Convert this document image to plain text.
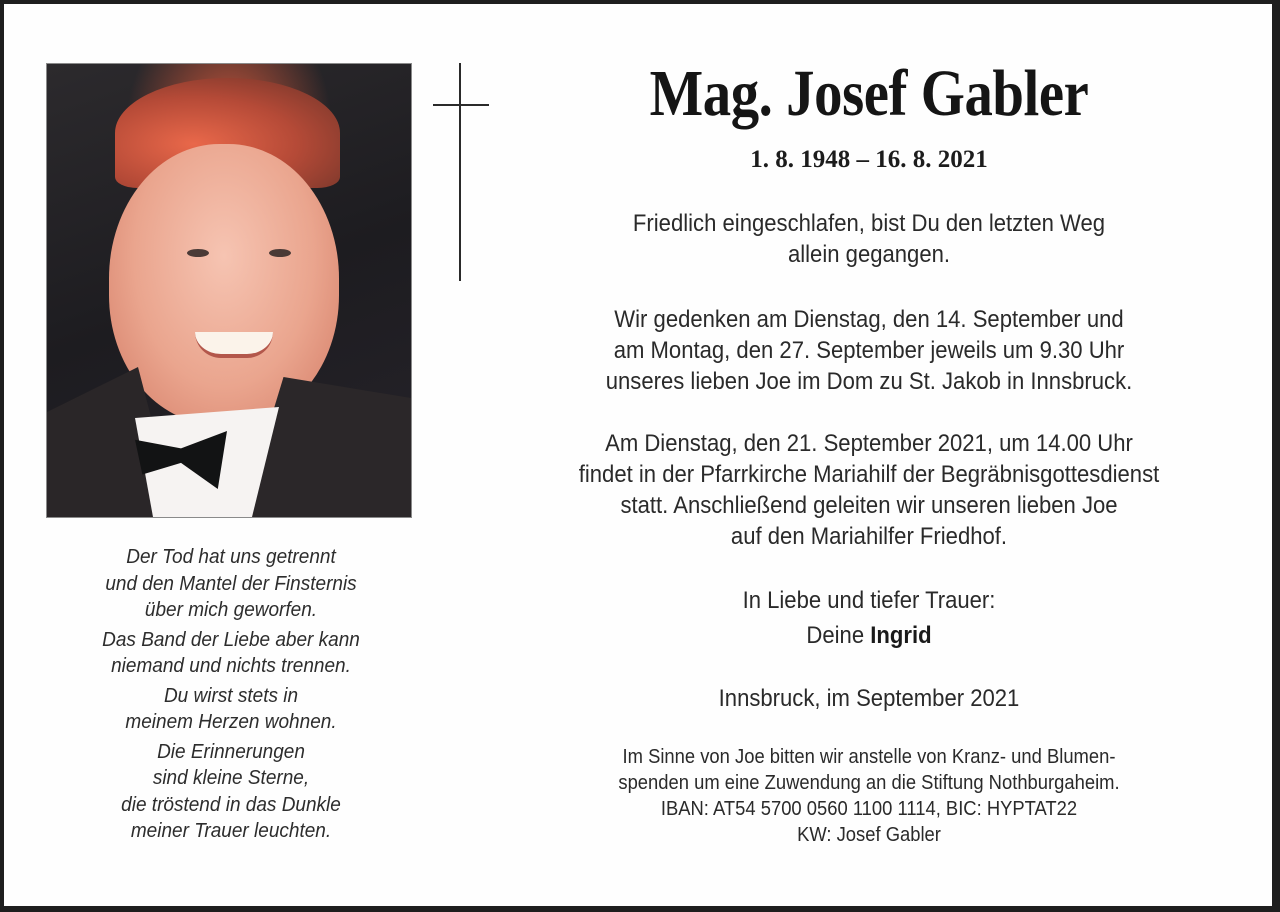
Mag. Josef Gabler
1. 8. 1948 – 16. 8. 2021

Friedlich eingeschlafen, bist Du den letzten Weg

allein gegangen.

Wir gedenken am Dienstag, den 14. September und

am Montag, den 27. September jeweils um 9.30 Uhr

unseres lieben Joe im Dom zu St. Jakob in Innsbruck.

Am Dienstag, den 21. September 2021, um 14.00 Uhr

findet in der Pfarrkirche Mariahilf der Begräbnisgottesdienst

statt. Anschließend geleiten wir unseren lieben Joe

auf den Mariahilfer Friedhof.

In Liebe und tiefer Trauer:

Deine Ingrid

Innsbruck, im September 2021

Im Sinne von Joe bitten wir anstelle von Kranz- und Blumen-

spenden um eine Zuwendung an die Stiftung Nothburgaheim.

IBAN: AT54 5700 0560 1100 1114, BIC: HYPTAT22

KW: Josef Gabler

Der Tod hat uns getrennt
und den Mantel der Finsternis
über mich geworfen.

Das Band der Liebe aber kann
niemand und nichts trennen.

Du wirst stets in
meinem Herzen wohnen.

Die Erinnerungen
sind kleine Sterne,
die tröstend in das Dunkle
meiner Trauer leuchten.
